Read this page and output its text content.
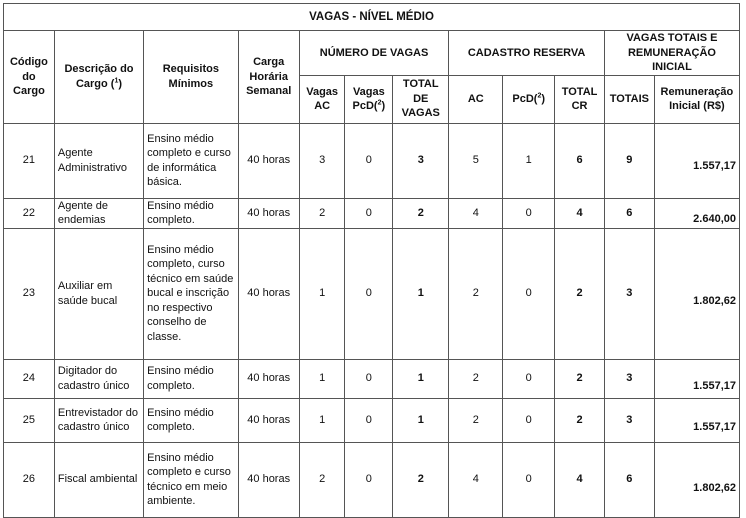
VAGAS - NÍVEL MÉDIO											
Código do Cargo	Descrição do Cargo ($^1$)	Requisitos Mínimos	Carga Horária Semanal	NÚMERO DE VAGAS			CADASTRO RESERVA			VAGAS TOTAIS E REMUNERAÇÃO INICIAL	
				Vagas AC	Vagas PcD($^2$)	TOTAL DE VAGAS	AC	PcD($^2$)	TOTAL CR	TOTAIS	Remuneração Inicial (R$)
21	Agente Administrativo	Ensino médio completo e curso de informática básica.	40 horas	3	0	3	5	1	6	9	1.557,17
22	Agente de endemias	Ensino médio completo.	40 horas	2	0	2	4	0	4	6	2.640,00
23	Auxiliar em saúde bucal	Ensino médio completo, curso técnico em saúde bucal e inscrição no respectivo conselho de classe.	40 horas	1	0	1	2	0	2	3	1.802,62
24	Digitador do cadastro único	Ensino médio completo.	40 horas	1	0	1	2	0	2	3	1.557,17
25	Entrevistador do cadastro único	Ensino médio completo.	40 horas	1	0	1	2	0	2	3	1.557,17
26	Fiscal ambiental	Ensino médio completo e curso técnico em meio ambiente.	40 horas	2	0	2	4	0	4	6	1.802,62
